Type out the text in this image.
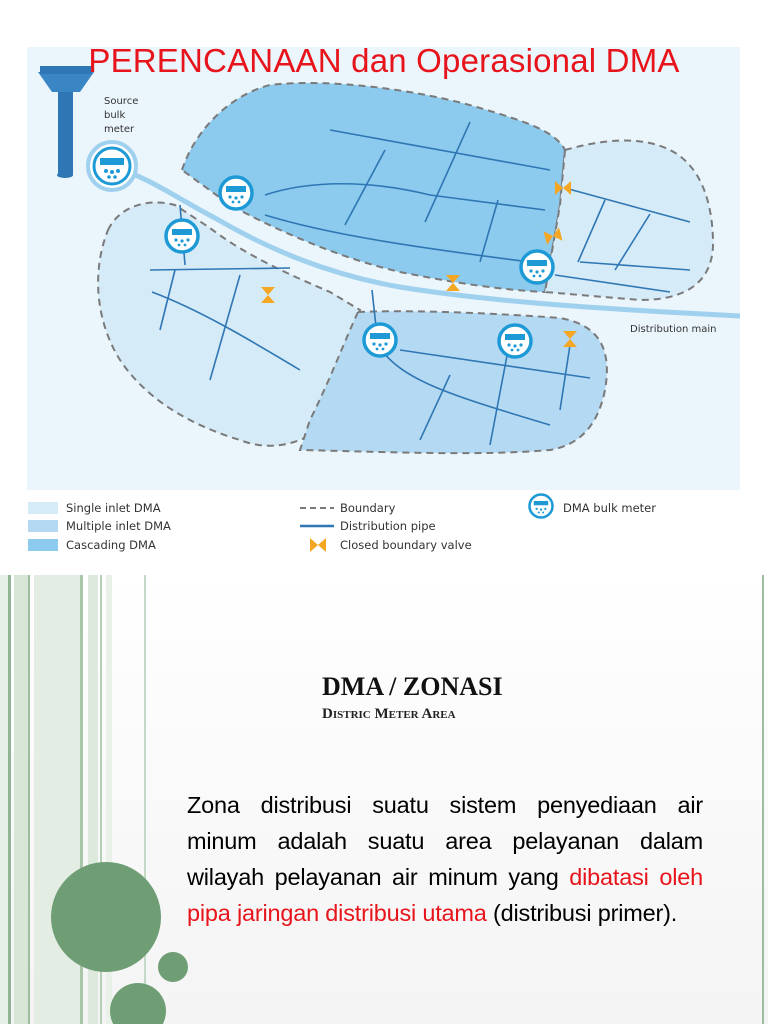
Source
bulk
meter
Distribution main
PERENCANAAN dan Operasional DMA
Single inlet DMA
Multiple inlet DMA
Cascading DMA
Boundary
Distribution pipe
Closed boundary valve
DMA bulk meter
DMA / ZONASI
Distric Meter Area

Zona distribusi suatu sistem penyediaan air minum adalah suatu area pelayanan dalam wilayah pelayanan air minum yang dibatasi oleh pipa jaringan distribusi utama (distribusi primer).
